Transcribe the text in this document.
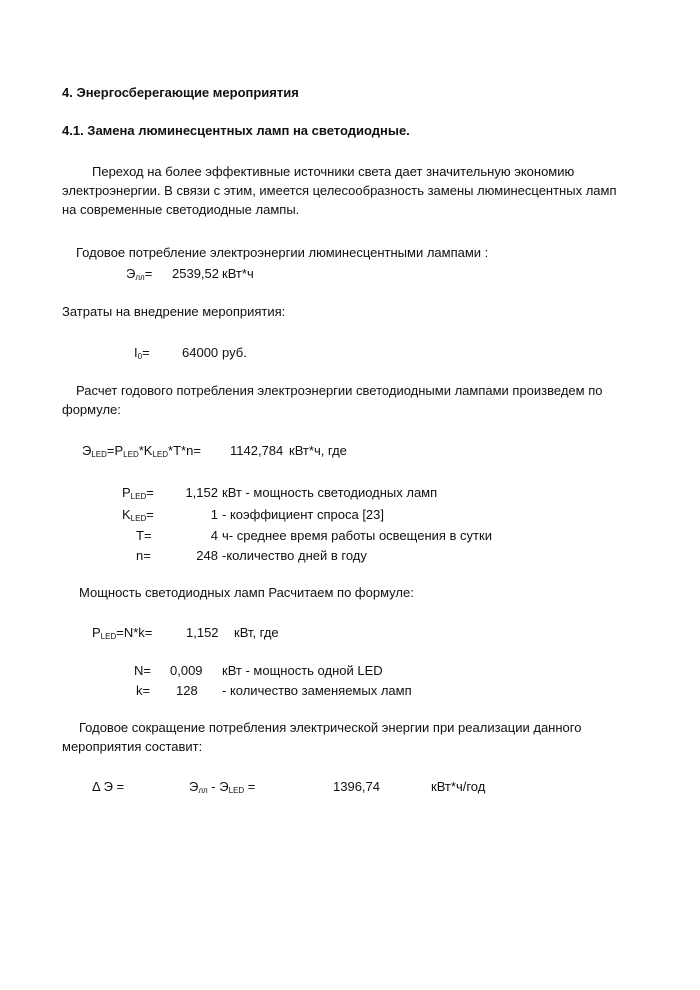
4. Энергосберегающие мероприятия
4.1. Замена люминесцентных ламп на светодиодные.
Переход на более эффективные источники света дает значительную экономию
электроэнергии. В связи с этим, имеется целесообразность замены люминесцентных ламп
на современные светодиодные лампы.
Годовое потребление электроэнергии люминесцентными лампами :
$Э_{лл}= 2539,52$ кВт*ч
Затраты на внедрение мероприятия:
$I_0= 64000$ руб.
Расчет годового потребления электроэнергии светодиодными лампами произведем по
формуле:
$Э_{LED}=P_{LED}*K_{LED}*T*n= 1142,784$ кВт*ч, где
$P_{LED}=$	1,152 кВт - мощность светодиодных ламп
$K_{LED}=$	1 - коэффициент спроса [23]
T=	4 ч- среднее время работы освещения в сутки
n=	248 -количество дней в году
Мощность светодиодных ламп Расчитаем по формуле:
$P_{LED}=N*k=$	1,152 кВт, где
N= 0,009 кВт - мощность одной LED
k= 128 - количество заменяемых ламп
Годовое сокращение потребления электрической энергии при реализации данного
мероприятия составит:
Δ Э =	$Э_{лл} - Э_{LED}$ =	1396,74	кВт*ч/год
